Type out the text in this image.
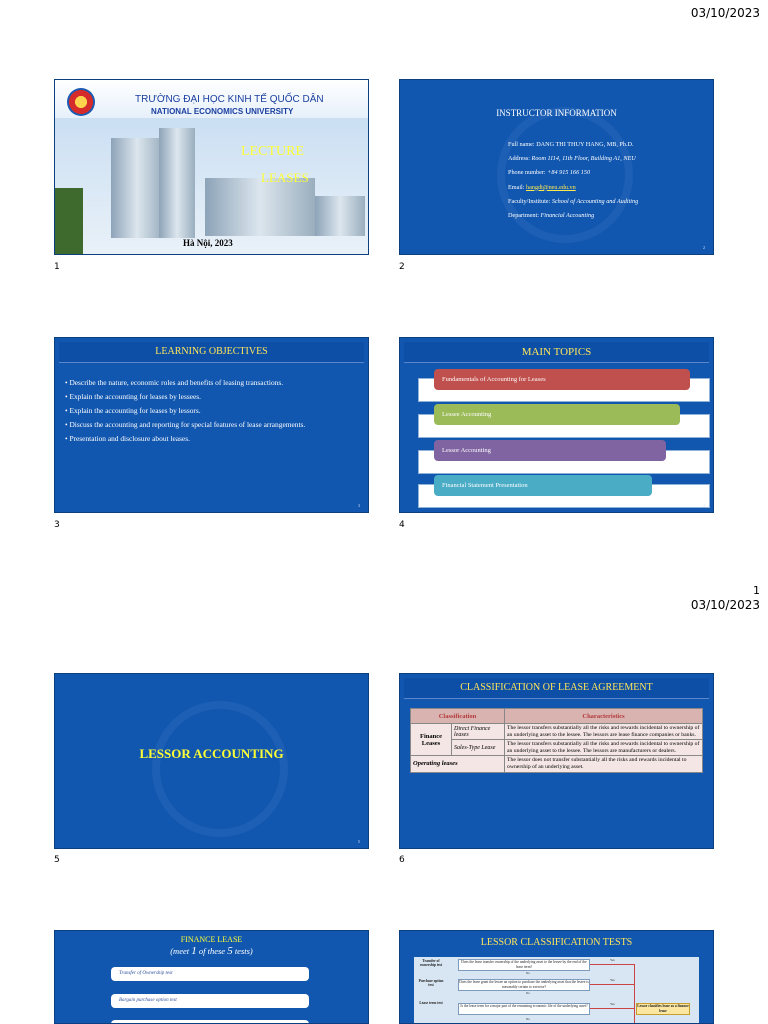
03/10/2023
1
03/10/2023
TRƯỜNG ĐẠI HỌC KINH TẾ QUỐC DÂN
NATIONAL ECONOMICS UNIVERSITY
LECTURE
LEASES
Hà Nội, 2023
1
INSTRUCTOR INFORMATION
Full name: DANG THI THUY HANG, MB, Ph.D.
Address: Room 1114, 11th Floor, Building A1, NEU
Phone number: +84 915 166 150
Email: hangdt@neu.edu.vn
Faculty/Institute: School of Accounting and Auditing
Department: Financial Accounting
2
2
LEARNING OBJECTIVES
• Describe the nature, economic roles and benefits of leasing transactions.
• Explain the accounting for leases by lessees.
• Explain the accounting for leases by lessors.
• Discuss the accounting and reporting for special features of lease arrangements.
• Presentation and disclosure about leases.
3
3
MAIN TOPICS
Fundamentals of Accounting for Leases
Lessee Accounting
Lessor Accounting
Financial Statement Presentation
4
4
LESSOR ACCOUNTING
5
5
CLASSIFICATION OF LEASE AGREEMENT
Classification		Characteristics
Finance Leases	Direct Finance leases	The lessor transfers substantially all the risks and rewards incidental to ownership of an underlying asset to the lessee. The lessors are lease finance companies or banks.
	Sales-Type Lease	The lessor transfers substantially all the risks and rewards incidental to ownership of an underlying asset to the lessee. The lessors are manufacturers or dealers.
Operating leases		The lessor does not transfer substantially all the risks and rewards incidental to ownership of an underlying asset.
6
FINANCE LEASE
(meet 1 of these 5 tests)
Transfer of Ownership test
Bargain purchase option test
LESSOR CLASSIFICATION TESTS
Transfer of ownership test
Does the lease transfer ownership of the underlying asset to the lessee by the end of the lease term?
Yes
No
Purchase option test
Does the lease grant the lessee an option to purchase the underlying asset that the lessee is reasonably certain to exercise?
Yes
No
Lease term test
Is the lease term for a major part of the remaining economic life of the underlying asset?	Yes
No
Lessor classifies lease as a finance lease
